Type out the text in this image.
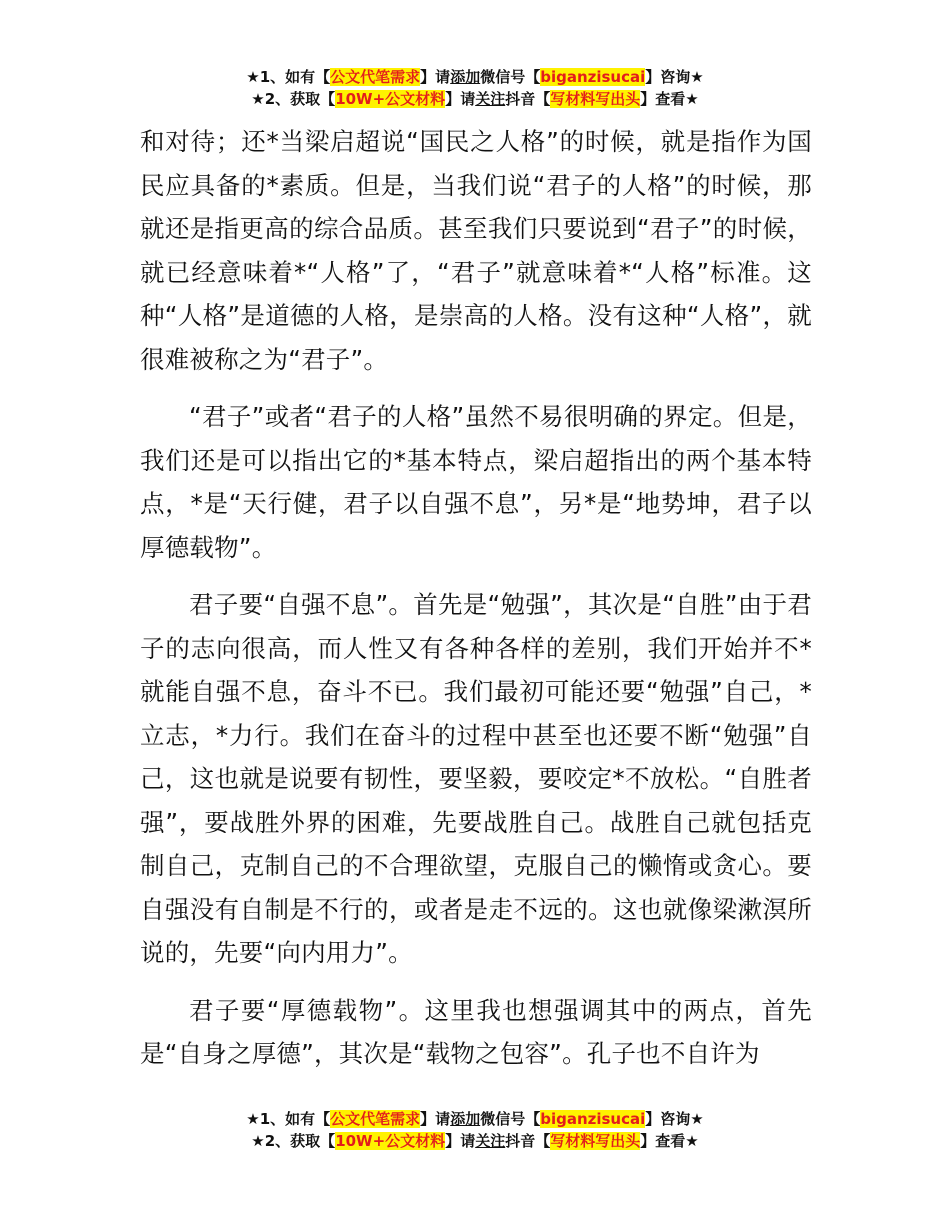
★1、如有【公文代笔需求】请添加微信号【biganzisucai】咨询★
★2、获取【10W+公文材料】请关注抖音【写材料写出头】查看★

和对待；还*当梁启超说“国民之人格”的时候，就是指作为国民应具备的*素质。但是，当我们说“君子的人格”的时候，那就还是指更高的综合品质。甚至我们只要说到“君子”的时候，就已经意味着*“人格”了，“君子”就意味着*“人格”标准。这种“人格”是道德的人格，是崇高的人格。没有这种“人格”，就很难被称之为“君子”。

“君子”或者“君子的人格”虽然不易很明确的界定。但是，我们还是可以指出它的*基本特点，梁启超指出的两个基本特点，*是“天行健，君子以自强不息”，另*是“地势坤，君子以厚德载物”。

君子要“自强不息”。首先是“勉强”，其次是“自胜”由于君子的志向很高，而人性又有各种各样的差别，我们开始并不*就能自强不息，奋斗不已。我们最初可能还要“勉强”自己，*立志，*力行。我们在奋斗的过程中甚至也还要不断“勉强”自己，这也就是说要有韧性，要坚毅，要咬定*不放松。“自胜者强”，要战胜外界的困难，先要战胜自己。战胜自己就包括克制自己，克制自己的不合理欲望，克服自己的懒惰或贪心。要自强没有自制是不行的，或者是走不远的。这也就像梁漱溟所说的，先要“向内用力”。

君子要“厚德载物”。这里我也想强调其中的两点，首先是“自身之厚德”，其次是“载物之包容”。孔子也不自许为

★1、如有【公文代笔需求】请添加微信号【biganzisucai】咨询★
★2、获取【10W+公文材料】请关注抖音【写材料写出头】查看★
